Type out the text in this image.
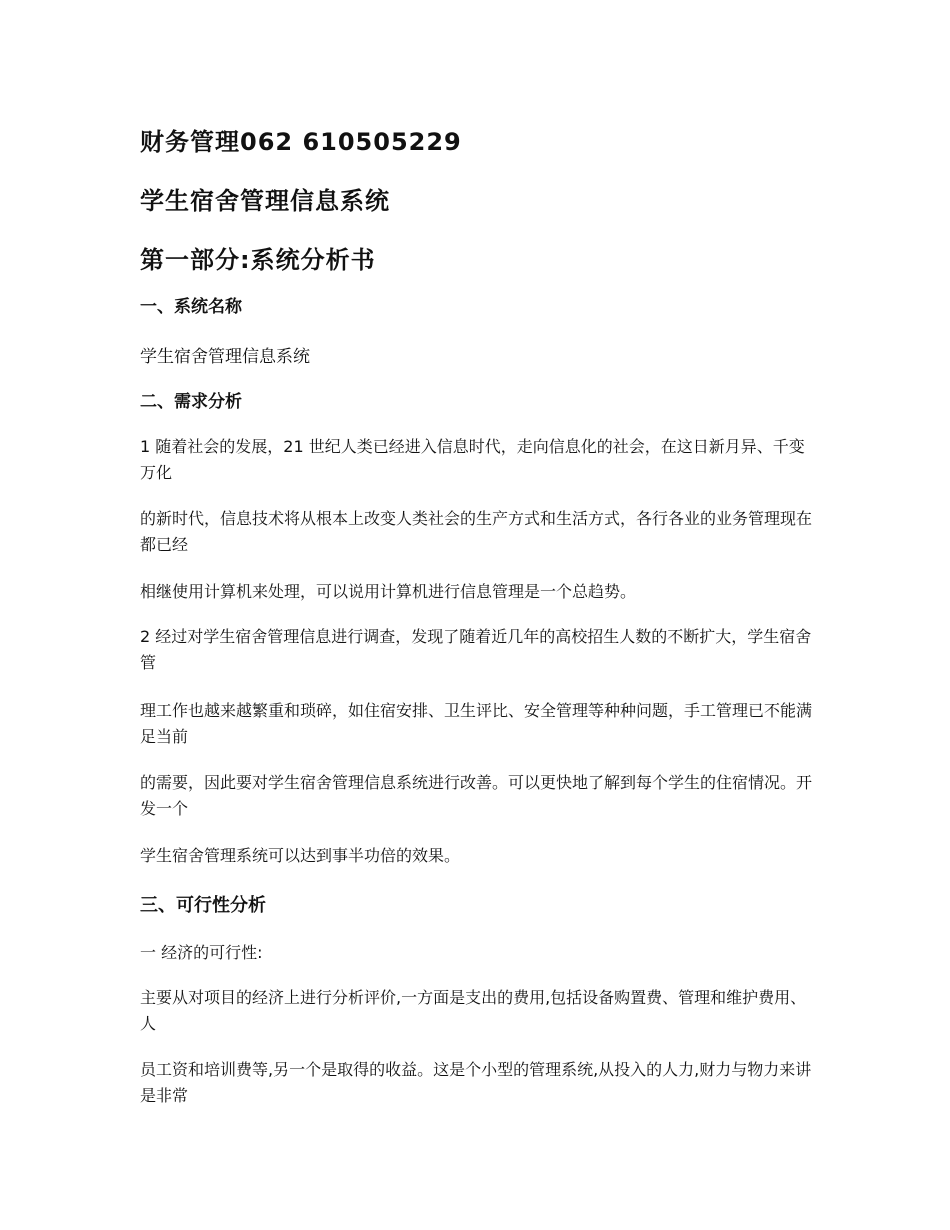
财务管理062 610505229
学生宿舍管理信息系统
第一部分:系统分析书
一、系统名称

学生宿舍管理信息系统

二、需求分析

1 随着社会的发展，21 世纪人类已经进入信息时代，走向信息化的社会，在这日新月异、千变万化

的新时代，信息技术将从根本上改变人类社会的生产方式和生活方式，各行各业的业务管理现在都已经

相继使用计算机来处理，可以说用计算机进行信息管理是一个总趋势。

2 经过对学生宿舍管理信息进行调查，发现了随着近几年的高校招生人数的不断扩大，学生宿舍管

理工作也越来越繁重和琐碎，如住宿安排、卫生评比、安全管理等种种问题，手工管理已不能满足当前

的需要，因此要对学生宿舍管理信息系统进行改善。可以更快地了解到每个学生的住宿情况。开发一个

学生宿舍管理系统可以达到事半功倍的效果。

三、可行性分析

一 经济的可行性:

主要从对项目的经济上进行分析评价,一方面是支出的费用,包括设备购置费、管理和维护费用、人

员工资和培训费等,另一个是取得的收益。这是个小型的管理系统,从投入的人力,财力与物力来讲是非常
